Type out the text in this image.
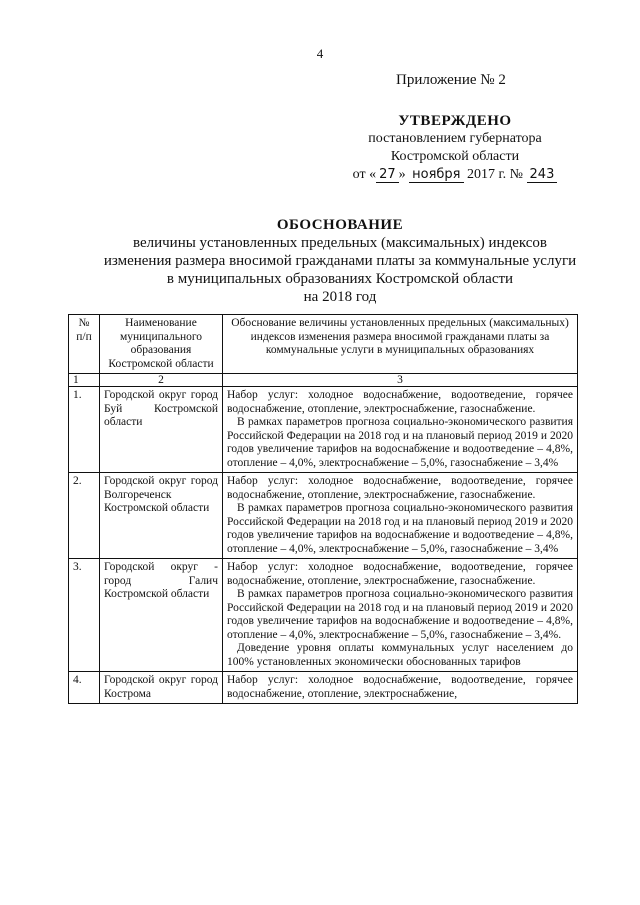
4
Приложение № 2
УТВЕРЖДЕНО
постановлением губернатора
Костромской области
от « 27 » ноября 2017 г. № 243
ОБОСНОВАНИЕ
величины установленных предельных (максимальных) индексов
изменения размера вносимой гражданами платы за коммунальные услуги
в муниципальных образованиях Костромской области
на 2018 год
№ п/п	Наименование муниципального образования Костромской области	Обоснование величины установленных предельных (максимальных) индексов изменения размера вносимой гражданами платы за коммунальные услуги в муниципальных образованиях
1	2	3
1.	Городской округ город Буй Костромской области	Набор услуг: холодное водоснабжение, водоотведение, горячее водоснабжение, отопление, электроснабжение, газоснабжение.
В рамках параметров прогноза социально-экономического развития Российской Федерации на 2018 год и на плановый период 2019 и 2020 годов увеличение тарифов на водоснабжение и водоотведение – 4,8%, отопление – 4,0%, электроснабжение – 5,0%, газоснабжение – 3,4%

2.	Городской округ город Волгореченск Костромской области	Набор услуг: холодное водоснабжение, водоотведение, горячее водоснабжение, отопление, электроснабжение, газоснабжение.
В рамках параметров прогноза социально-экономического развития Российской Федерации на 2018 год и на плановый период 2019 и 2020 годов увеличение тарифов на водоснабжение и водоотведение – 4,8%, отопление – 4,0%, электроснабжение – 5,0%, газоснабжение – 3,4%

3.	Городской округ - город Галич Костромской области	Набор услуг: холодное водоснабжение, водоотведение, горячее водоснабжение, отопление, электроснабжение, газоснабжение.
В рамках параметров прогноза социально-экономического развития Российской Федерации на 2018 год и на плановый период 2019 и 2020 годов увеличение тарифов на водоснабжение и водоотведение – 4,8%, отопление – 4,0%, электроснабжение – 5,0%, газоснабжение – 3,4%.
Доведение уровня оплаты коммунальных услуг населением до 100% установленных экономически обоснованных тарифов

4.	Городской округ город Кострома	Набор услуг: холодное водоснабжение, водоотведение, горячее водоснабжение, отопление, электроснабжение,
